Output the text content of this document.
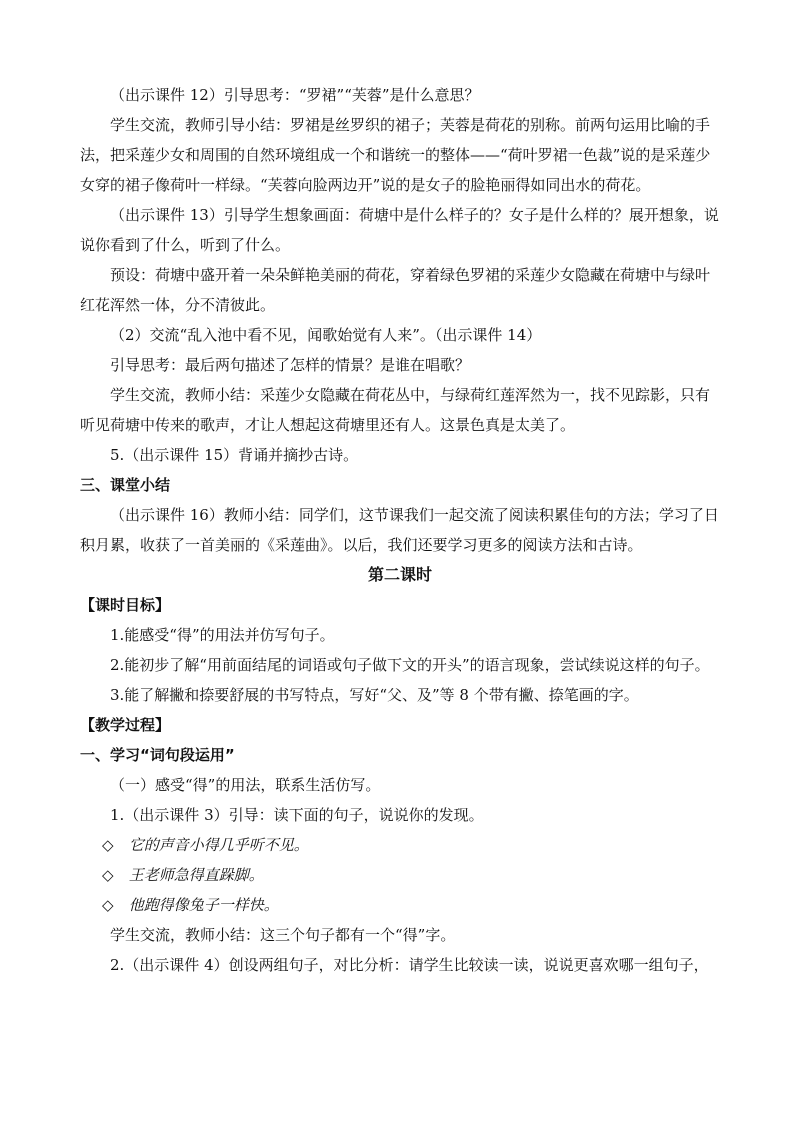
（出示课件 12）引导思考：“罗裙”“芙蓉”是什么意思？

学生交流，教师引导小结：罗裙是丝罗织的裙子；芙蓉是荷花的别称。前两句运用比喻的手法，把采莲少女和周围的自然环境组成一个和谐统一的整体——“荷叶罗裙一色裁”说的是采莲少女穿的裙子像荷叶一样绿。“芙蓉向脸两边开”说的是女子的脸艳丽得如同出水的荷花。

（出示课件 13）引导学生想象画面：荷塘中是什么样子的？女子是什么样的？展开想象，说说你看到了什么，听到了什么。

预设：荷塘中盛开着一朵朵鲜艳美丽的荷花，穿着绿色罗裙的采莲少女隐藏在荷塘中与绿叶红花浑然一体，分不清彼此。

（2）交流“乱入池中看不见，闻歌始觉有人来”。（出示课件 14）

引导思考：最后两句描述了怎样的情景？是谁在唱歌？

学生交流，教师小结：采莲少女隐藏在荷花丛中，与绿荷红莲浑然为一，找不见踪影，只有听见荷塘中传来的歌声，才让人想起这荷塘里还有人。这景色真是太美了。

5.（出示课件 15）背诵并摘抄古诗。

三、课堂小结

（出示课件 16）教师小结：同学们，这节课我们一起交流了阅读积累佳句的方法；学习了日积月累，收获了一首美丽的《采莲曲》。以后，我们还要学习更多的阅读方法和古诗。

第二课时

【课时目标】

1.能感受“得”的用法并仿写句子。

2.能初步了解“用前面结尾的词语或句子做下文的开头”的语言现象，尝试续说这样的句子。

3.能了解撇和捺要舒展的书写特点，写好“父、及”等 8 个带有撇、捺笔画的字。

【教学过程】

一、学习“词句段运用”

（一）感受“得”的用法，联系生活仿写。

1.（出示课件 3）引导：读下面的句子，说说你的发现。

◇ 它的声音小得几乎听不见。

◇ 王老师急得直跺脚。

◇ 他跑得像兔子一样快。

学生交流，教师小结：这三个句子都有一个“得”字。

2.（出示课件 4）创设两组句子，对比分析：请学生比较读一读，说说更喜欢哪一组句子，
